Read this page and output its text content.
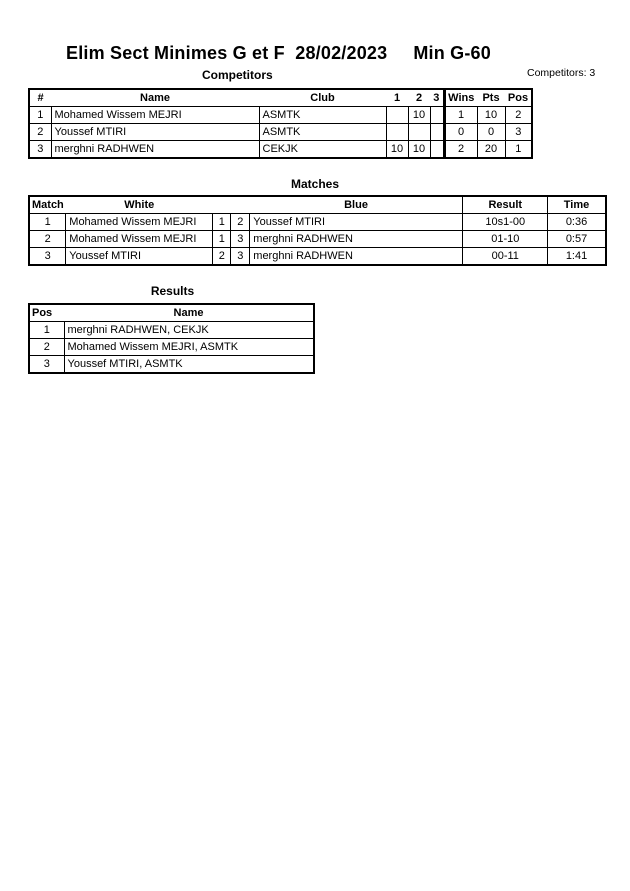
Elim Sect Minimes G et F  28/02/2023     Min G-60
Competitors	Competitors: 3
#	Name	Club	1	2	3	Wins	Pts	Pos
1	Mohamed Wissem MEJRI	ASMTK		10		1	10	2
2	Youssef MTIRI	ASMTK				0	0	3
3	merghni RADHWEN	CEKJK	10	10		2	20	1
Matches
Match	White			Blue	Result	Time
1	Mohamed Wissem MEJRI	1	2	Youssef MTIRI	10s1-00	0:36
2	Mohamed Wissem MEJRI	1	3	merghni RADHWEN	01-10	0:57
3	Youssef MTIRI	2	3	merghni RADHWEN	00-11	1:41
Results
Pos	Name
1	merghni RADHWEN, CEKJK
2	Mohamed Wissem MEJRI, ASMTK
3	Youssef MTIRI, ASMTK
